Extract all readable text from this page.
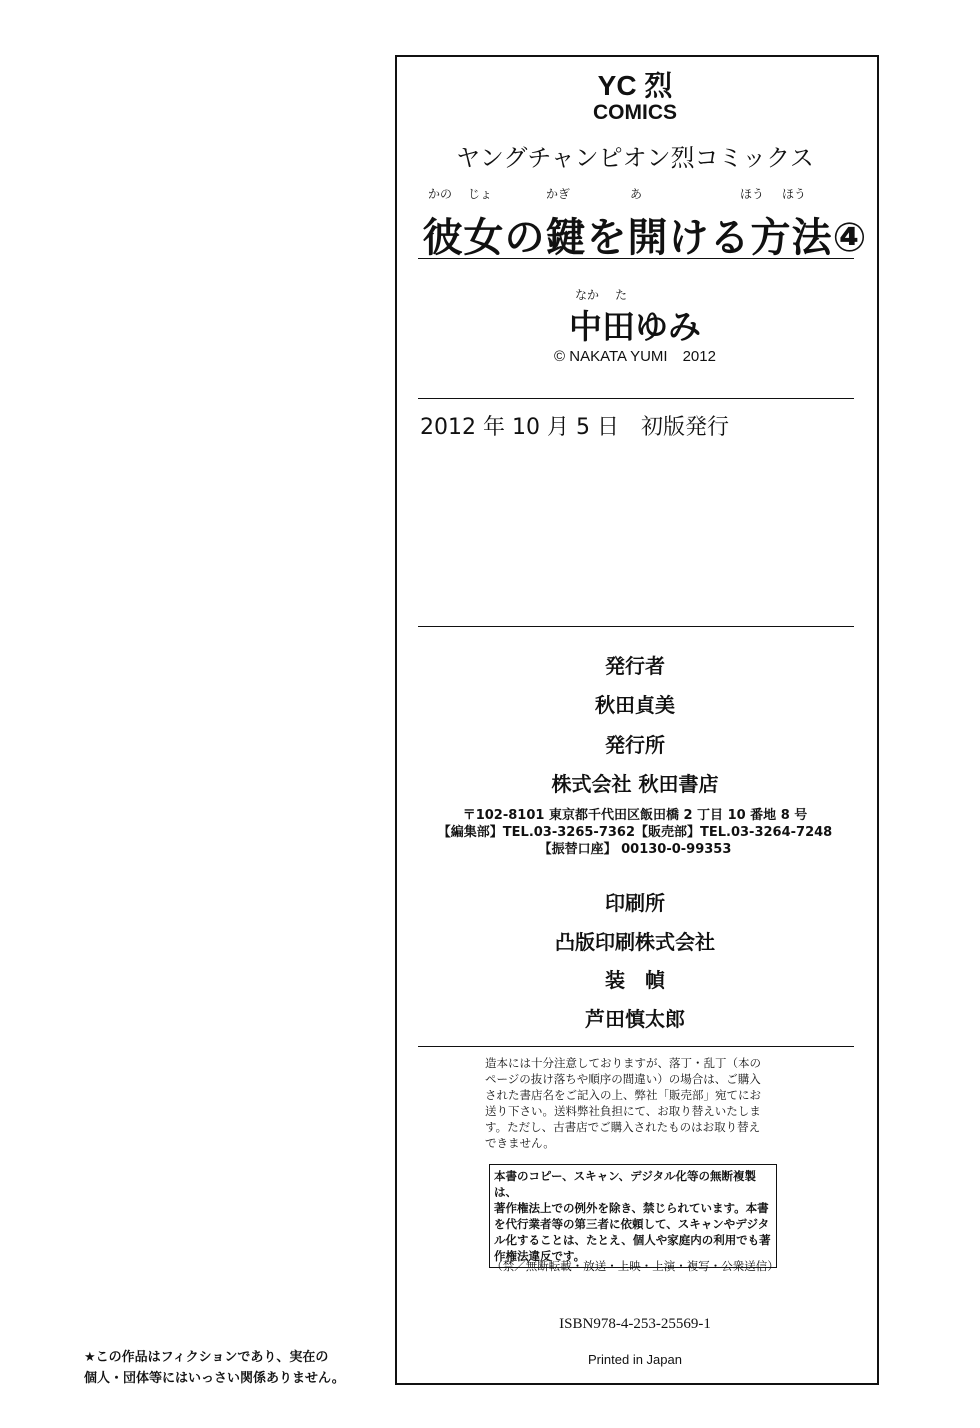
YC 烈
COMICS
ヤングチャンピオン烈コミックス
かの じょ	かぎ	あ	ほう ほう
彼女の鍵を開ける方法④
なか た
中田ゆみ
© NAKATA YUMI　2012
2012 年 10 月 5 日　初版発行
発行者
秋田貞美
発行所
株式会社 秋田書店
〒102-8101 東京都千代田区飯田橋 2 丁目 10 番地 8 号
【編集部】TEL.03-3265-7362【販売部】TEL.03-3264-7248
【振替口座】 00130-0-99353
印刷所
凸版印刷株式会社
装　幀
芦田慎太郎
造本には十分注意しておりますが、落丁・乱丁（本の
ページの抜け落ちや順序の間違い）の場合は、ご購入
された書店名をご記入の上、弊社「販売部」宛てにお
送り下さい。送料弊社負担にて、お取り替えいたしま
す。ただし、古書店でご購入されたものはお取り替え
できません。
本書のコピー、スキャン、デジタル化等の無断複製は、
著作権法上での例外を除き、禁じられています。本書
を代行業者等の第三者に依頼して、スキャンやデジタ
ル化することは、たとえ、個人や家庭内の利用でも著
作権法違反です。
（禁／無断転載・放送・上映・上演・複写・公衆送信）
ISBN978-4-253-25569-1
Printed in Japan
★この作品はフィクションであり、実在の
個人・団体等にはいっさい関係ありません。
